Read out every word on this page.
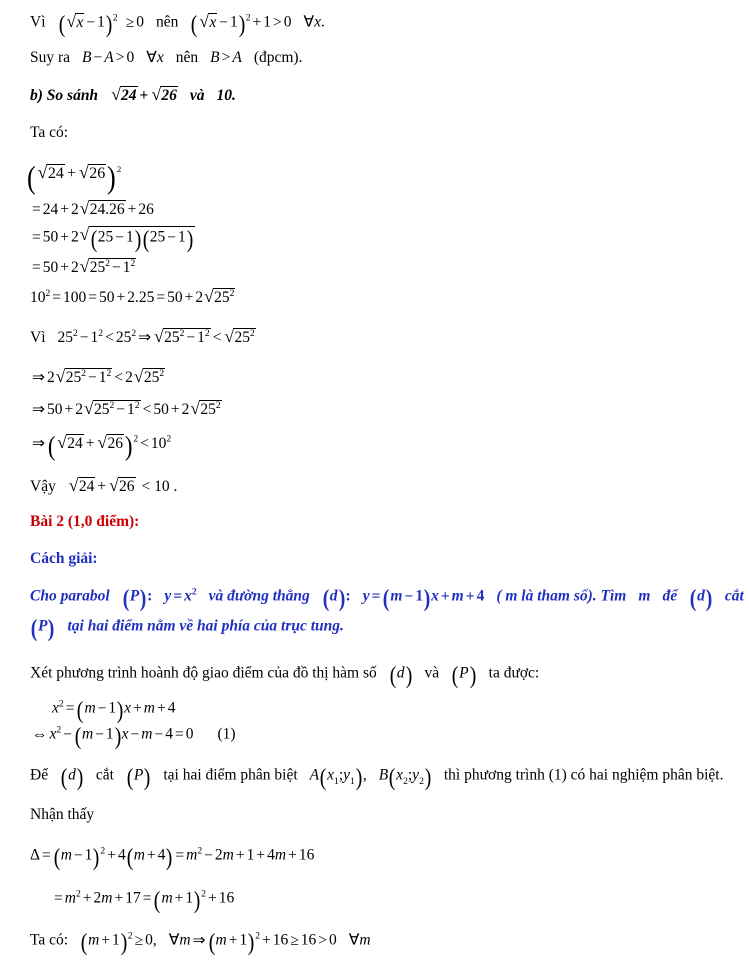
Vì ( √ x − 1)$^2$ ≥ 0 nên ( √ x − 1)$^2$ + 1 > 0 ∀x.
Suy ra B − A > 0 ∀x nên B > A (đpcm).
b) So sánh √ 24 + √ 26 và 10.
Ta có:
( √ 24 + √ 26)$^2$
= 24 + 2 √ 24.26 + 26
= 50 + 2 √ (25 − 1)(25 − 1)
= 50 + 2 √ $25^2 - 1^2$
$10^2 = 100 = 50 + 2.25 = 50 + 2$ √ $25^2$
Vì $25^2 - 1^2 < 25^2$ ⇒ √ $25^2 - 1^2$ < √ $25^2$
⇒ 2 √ $25^2 - 1^2 < 2$ √ $25^2$
⇒ 50 + 2 √ $25^2 - 1^2 < 50 + 2$ √ $25^2$
⇒ ( √ 24 + √ $26)^2 < 10^2$
Vậy √ 24 + √ 26 < 10 .
Bài 2 (1,0 điểm):
Cách giải:
Cho parabol (P): $y = x^2$ và đường thẳng (d): y = (m − 1)x + m + 4 ( m là tham số). Tìm m để (d) cắt
(P) tại hai điểm nằm về hai phía của trục tung.
Xét phương trình hoành độ giao điểm của đồ thị hàm số (d) và (P) ta được:
$x^2 = (m - 1)x + m + 4$
⇔ $x^2 - (m - 1)x - m - 4 = 0$ (1)
Để (d) cắt (P) tại hai điểm phân biệt $A(x_1;y_1)$, $B(x_2;y_2)$ thì phương trình (1) có hai nghiệm phân biệt.
Nhận thấy
$\Delta = (m - 1)^2 + 4(m + 4) = m^2 - 2m + 1 + 4m + 16$
= $m^2 + 2m + 17 = (m + 1)^2 + 16$
Ta có: $(m + 1)^2 \ge 0$, ∀m ⇒ $(m + 1)^2 + 16 \ge 16 > 0$ ∀m
